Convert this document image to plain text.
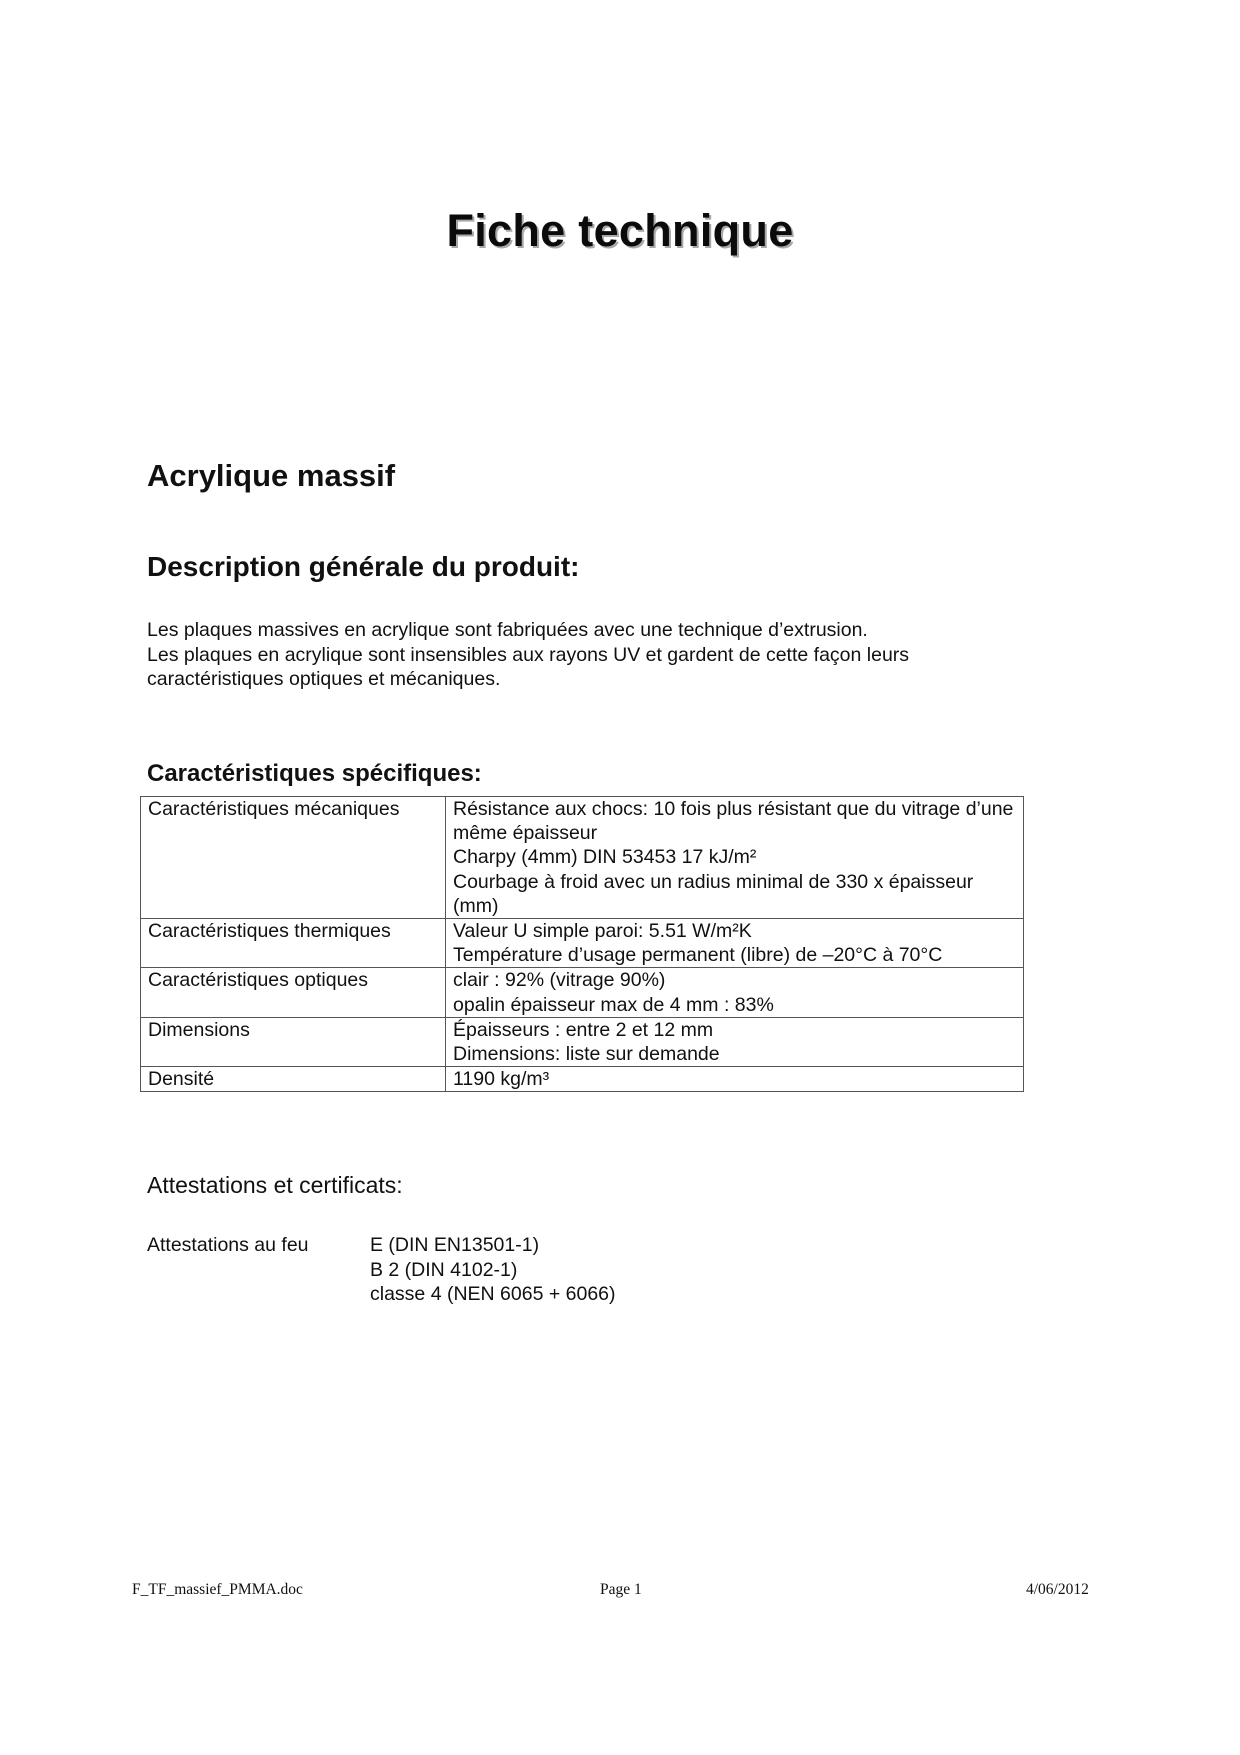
Fiche technique
Acrylique massif
Description générale du produit:

Les plaques massives en acrylique sont fabriquées avec une technique d’extrusion.

Les plaques en acrylique sont insensibles aux rayons UV et gardent de cette façon leurs caractéristiques optiques et mécaniques.

Caractéristiques spécifiques:
Caractéristiques mécaniques	Résistance aux chocs: 10 fois plus résistant que du vitrage d’une même épaisseur
Charpy (4mm) DIN 53453 17 kJ/m²
Courbage à froid avec un radius minimal de 330 x épaisseur (mm)

Caractéristiques thermiques	Valeur U simple paroi: 5.51 W/m²K
Température d’usage permanent (libre) de –20°C à 70°C

Caractéristiques optiques	clair : 92% (vitrage 90%)
opalin épaisseur max de 4 mm : 83%

Dimensions	Épaisseurs : entre 2 et 12 mm
Dimensions: liste sur demande

Densité	1190 kg/m³
Attestations et certificats:
Attestations au feu	E (DIN EN13501-1)
B 2 (DIN 4102-1)
classe 4 (NEN 6065 + 6066)
F_TF_massief_PMMA.doc	Page 1	4/06/2012
